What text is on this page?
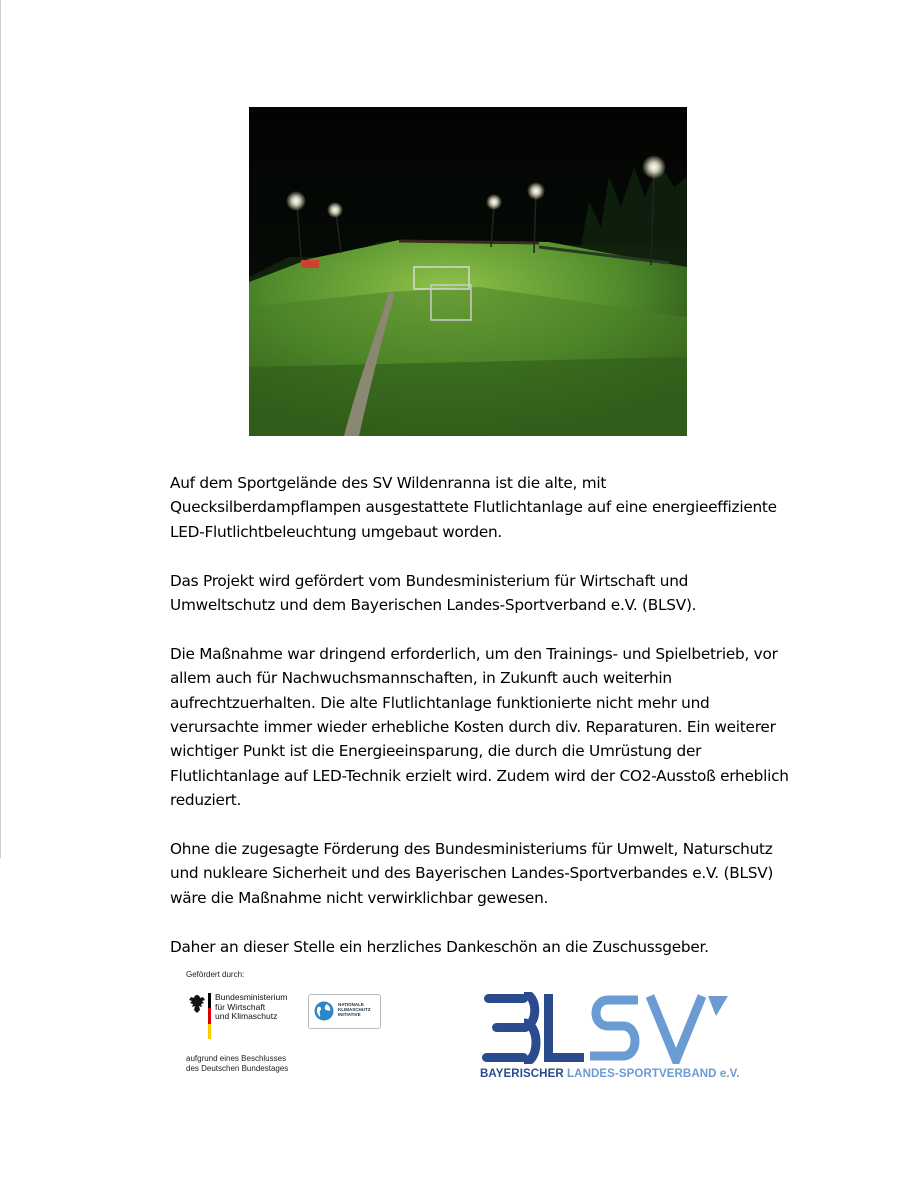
Auf dem Sportgelände des SV Wildenranna ist die alte, mit Quecksilberdampflampen ausgestattete Flutlichtanlage auf eine energieeffiziente LED-Flutlichtbeleuchtung umgebaut worden.

Das Projekt wird gefördert vom Bundesministerium für Wirtschaft und Umweltschutz und dem Bayerischen Landes-Sportverband e.V. (BLSV).

Die Maßnahme war dringend erforderlich, um den Trainings- und Spielbetrieb, vor allem auch für Nachwuchsmannschaften, in Zukunft auch weiterhin aufrechtzuerhalten. Die alte Flutlichtanlage funktionierte nicht mehr und verursachte immer wieder erhebliche Kosten durch div. Reparaturen. Ein weiterer wichtiger Punkt ist die Energieeinsparung, die durch die Umrüstung der Flutlichtanlage auf LED-Technik erzielt wird. Zudem wird der CO2-Ausstoß erheblich reduziert.

Ohne die zugesagte Förderung des Bundesministeriums für Umwelt, Naturschutz und nukleare Sicherheit und des Bayerischen Landes-Sportverbandes e.V. (BLSV) wäre die Maßnahme nicht verwirklichbar gewesen.

Daher an dieser Stelle ein herzliches Dankeschön an die Zuschussgeber.

Gefördert durch:
Bundesministerium
für Wirtschaft
und Klimaschutz
NATIONALE
KLIMASCHUTZ
INITIATIVE
aufgrund eines Beschlusses
des Deutschen Bundestages	BAYERISCHER LANDES-SPORTVERBAND e.V.
